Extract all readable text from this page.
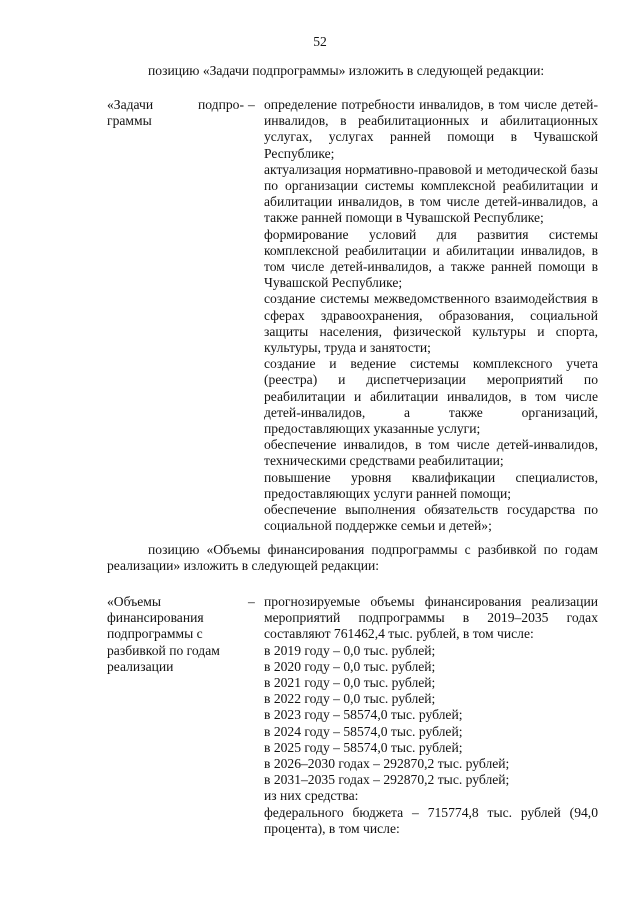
52
позицию «Задачи подпрограммы» изложить в следующей редакции:
«Задачи подпро-
граммы
– определение потребности инвалидов, в том числе детей-инвалидов, в реабилитационных и абилитационных услугах, услугах ранней помощи в Чувашской Республике;

актуализация нормативно-правовой и методической базы по организации системы комплексной реабилитации и абилитации инвалидов, в том числе детей-инвалидов, а также ранней помощи в Чувашской Республике;

формирование условий для развития системы комплексной реабилитации и абилитации инвалидов, в том числе детей-инвалидов, а также ранней помощи в Чувашской Республике;

создание системы межведомственного взаимодействия в сферах здравоохранения, образования, социальной защиты населения, физической культуры и спорта, культуры, труда и занятости;

создание и ведение системы комплексного учета (реестра) и диспетчеризации мероприятий по реабилитации и абилитации инвалидов, в том числе детей-инвалидов, а также организаций, предоставляющих указанные услуги;

обеспечение инвалидов, в том числе детей-инвалидов, техническими средствами реабилитации;

повышение уровня квалификации специалистов, предоставляющих услуги ранней помощи;

обеспечение выполнения обязательств государства по социальной поддержке семьи и детей»;

позицию «Объемы финансирования подпрограммы с разбивкой по годам реализации» изложить в следующей редакции:
«Объемы финансирования подпрограммы с разбивкой по годам реализации
– прогнозируемые объемы финансирования реализации мероприятий подпрограммы в 2019–2035 годах составляют 761462,4 тыс. рублей, в том числе:

в 2019 году – 0,0 тыс. рублей;
в 2020 году – 0,0 тыс. рублей;
в 2021 году – 0,0 тыс. рублей;
в 2022 году – 0,0 тыс. рублей;
в 2023 году – 58574,0 тыс. рублей;
в 2024 году – 58574,0 тыс. рублей;
в 2025 году – 58574,0 тыс. рублей;
в 2026–2030 годах – 292870,2 тыс. рублей;
в 2031–2035 годах – 292870,2 тыс. рублей;
из них средства:

федерального бюджета – 715774,8 тыс. рублей (94,0 процента), в том числе:
